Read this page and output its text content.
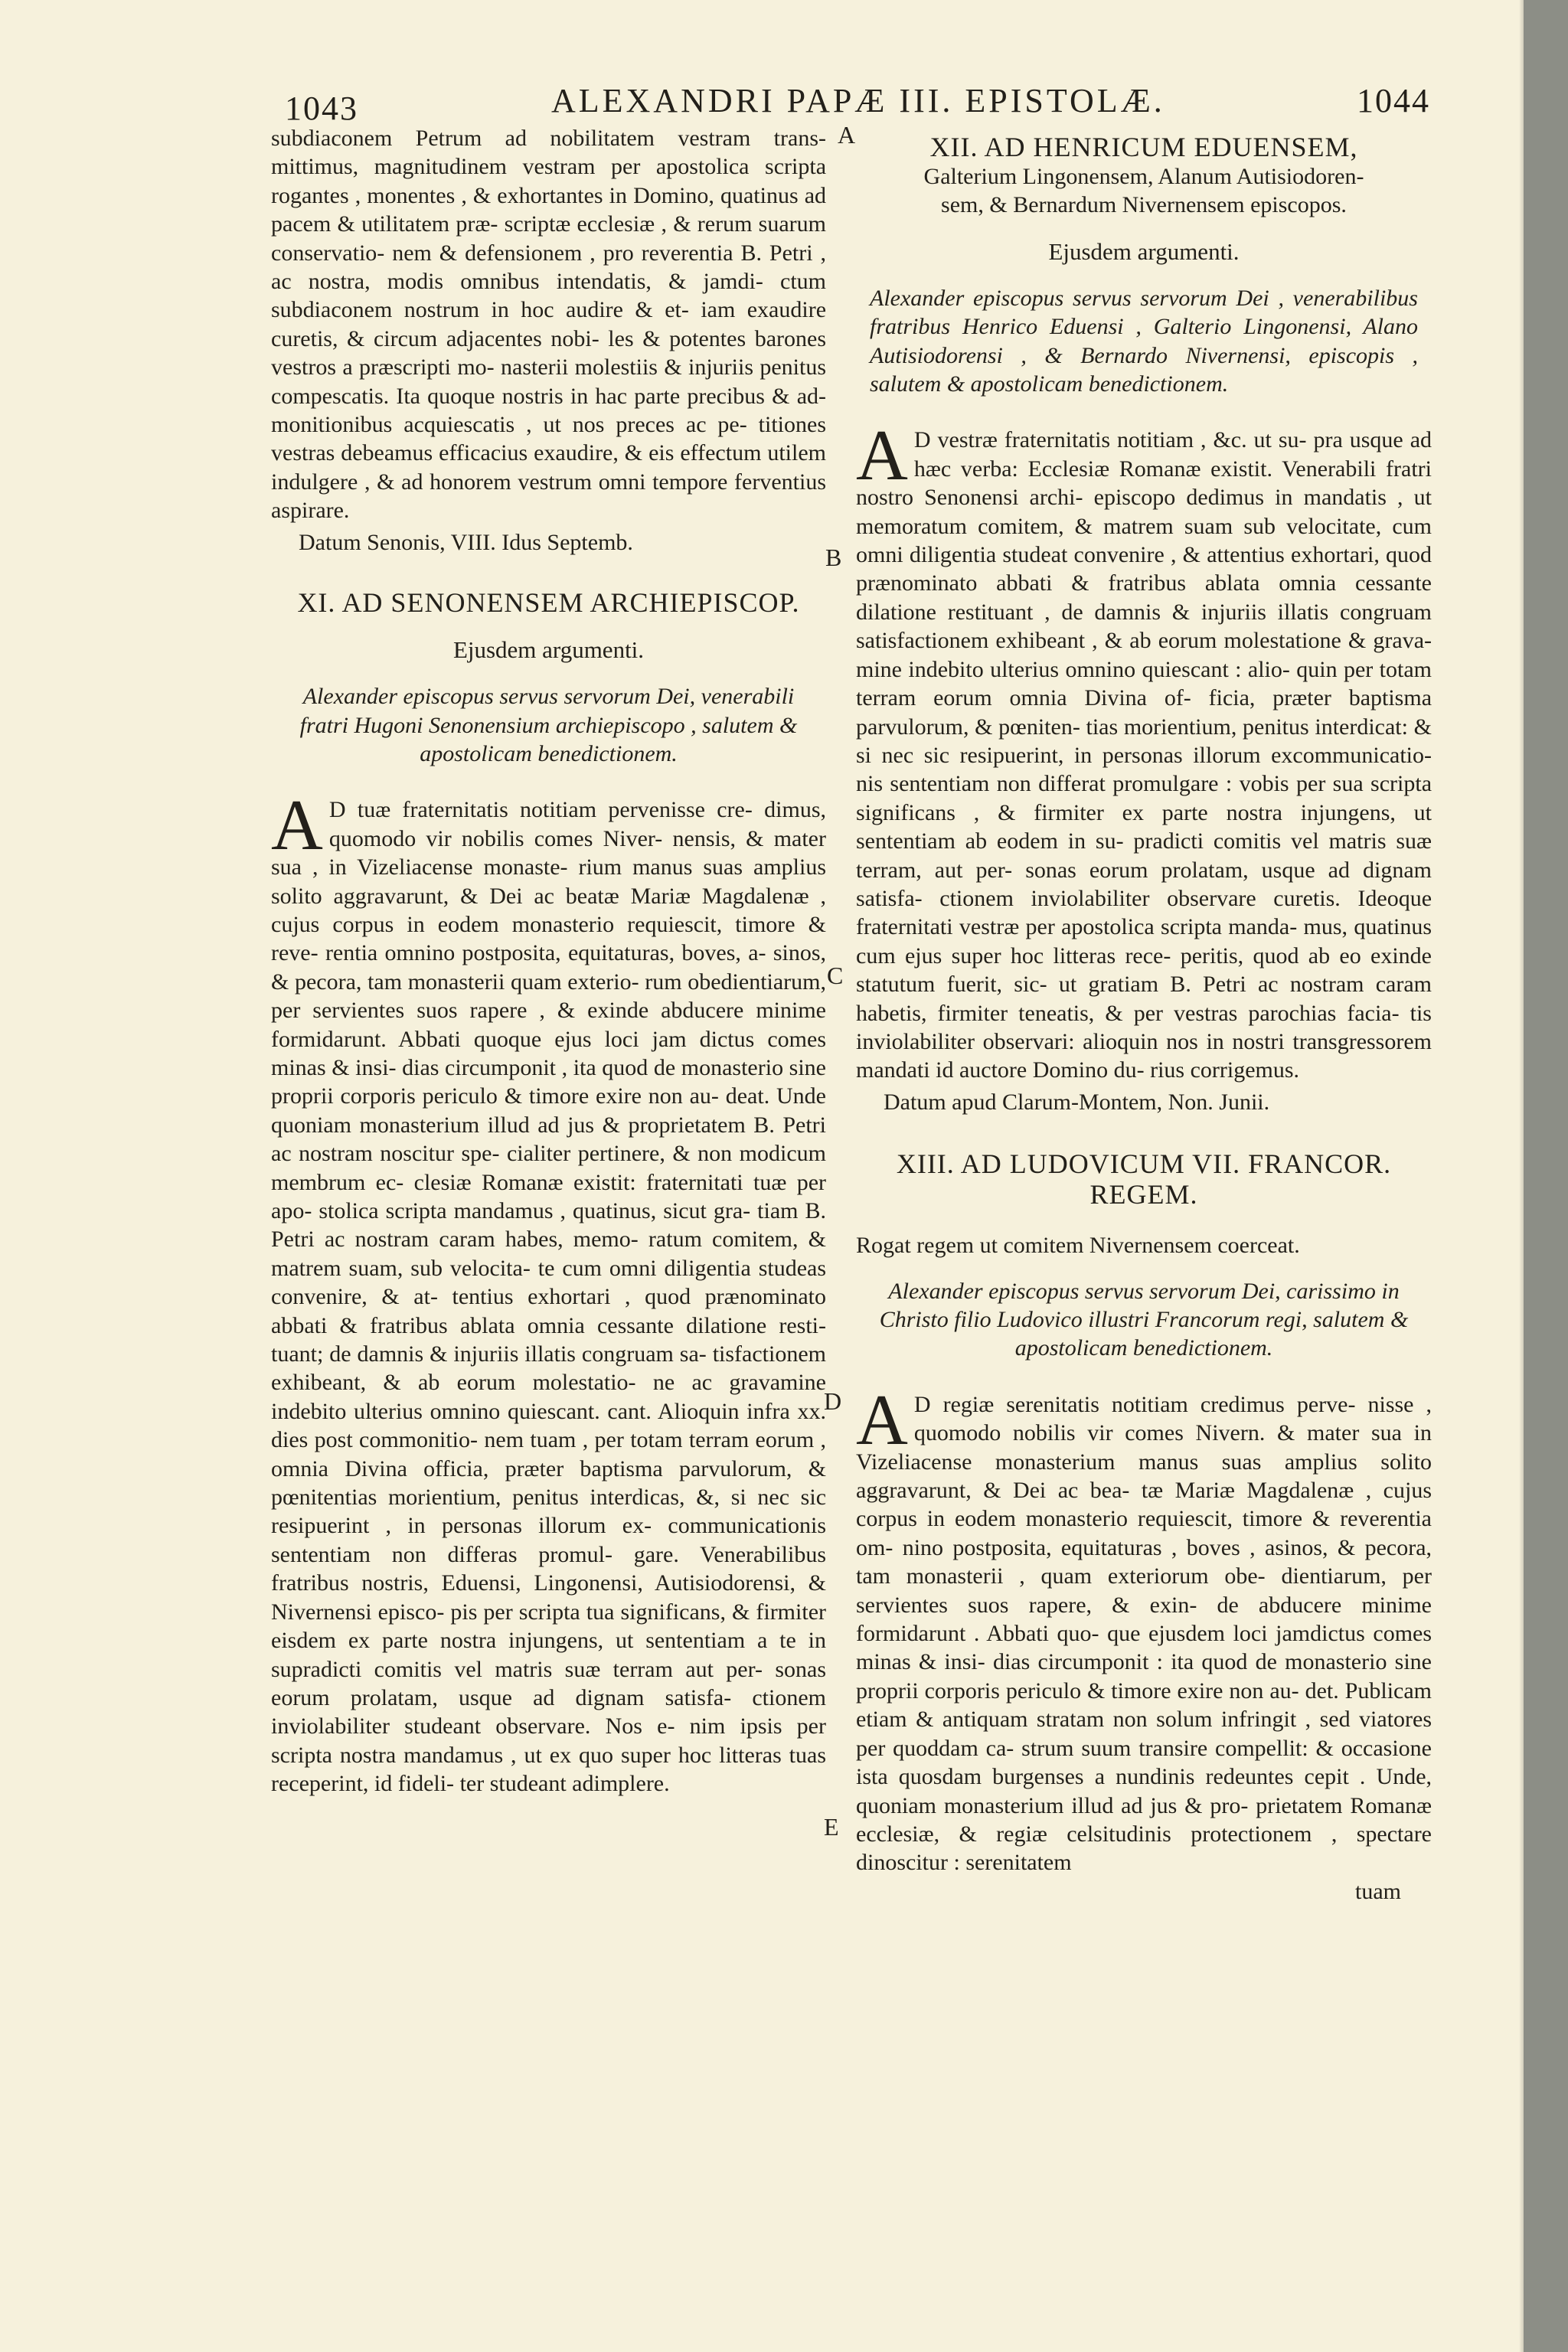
1043	ALEXANDRI PAPÆ III. EPISTOLÆ.	1044
A
B
C
D
E

subdiaconem Petrum ad nobilitatem vestram trans- mittimus, magnitudinem vestram per apostolica scripta rogantes , monentes , & exhortantes in Domino, quatinus ad pacem & utilitatem præ- scriptæ ecclesiæ , & rerum suarum conservatio- nem & defensionem , pro reverentia B. Petri , ac nostra, modis omnibus intendatis, & jamdi- ctum subdiaconem nostrum in hoc audire & et- iam exaudire curetis, & circum adjacentes nobi- les & potentes barones vestros a præscripti mo- nasterii molestiis & injuriis penitus compescatis. Ita quoque nostris in hac parte precibus & ad- monitionibus acquiescatis , ut nos preces ac pe- titiones vestras debeamus efficacius exaudire, & eis effectum utilem indulgere , & ad honorem vestrum omni tempore ferventius aspirare.

Datum Senonis, VIII. Idus Septemb.

XI. AD SENONENSEM ARCHIEPISCOP.
Ejusdem argumenti.

Alexander episcopus servus servorum Dei, venerabili fratri Hugoni Senonensium archiepiscopo , salutem & apostolicam benedictionem.

A D tuæ fraternitatis notitiam pervenisse cre- dimus, quomodo vir nobilis comes Niver- nensis, & mater sua , in Vizeliacense monaste- rium manus suas amplius solito aggravarunt, & Dei ac beatæ Mariæ Magdalenæ , cujus corpus in eodem monasterio requiescit, timore & reve- rentia omnino postposita, equitaturas, boves, a- sinos, & pecora, tam monasterii quam exterio- rum obedientiarum, per servientes suos rapere , & exinde abducere minime formidarunt. Abbati quoque ejus loci jam dictus comes minas & insi- dias circumponit , ita quod de monasterio sine proprii corporis periculo & timore exire non au- deat. Unde quoniam monasterium illud ad jus & proprietatem B. Petri ac nostram noscitur spe- cialiter pertinere, & non modicum membrum ec- clesiæ Romanæ existit: fraternitati tuæ per apo- stolica scripta mandamus , quatinus, sicut gra- tiam B. Petri ac nostram caram habes, memo- ratum comitem, & matrem suam, sub velocita- te cum omni diligentia studeas convenire, & at- tentius exhortari , quod prænominato abbati & fratribus ablata omnia cessante dilatione resti- tuant; de damnis & injuriis illatis congruam sa- tisfactionem exhibeant, & ab eorum molestatio- ne ac gravamine indebito ulterius omnino quiescant. cant. Alioquin infra xx. dies post commonitio- nem tuam , per totam terram eorum , omnia Divina officia, præter baptisma parvulorum, & pœnitentias morientium, penitus interdicas, &, si nec sic resipuerint , in personas illorum ex- communicationis sententiam non differas promul- gare. Venerabilibus fratribus nostris, Eduensi, Lingonensi, Autisiodorensi, & Nivernensi episco- pis per scripta tua significans, & firmiter eisdem ex parte nostra injungens, ut sententiam a te in supradicti comitis vel matris suæ terram aut per- sonas eorum prolatam, usque ad dignam satisfa- ctionem inviolabiliter studeant observare. Nos e- nim ipsis per scripta nostra mandamus , ut ex quo super hoc litteras tuas receperint, id fideli- ter studeant adimplere.

XII. AD HENRICUM EDUENSEM,
Galterium Lingonensem, Alanum Autisiodoren-
sem, & Bernardum Nivernensem episcopos.
Ejusdem argumenti.

Alexander episcopus servus servorum Dei , venerabilibus fratribus Henrico Eduensi , Galterio Lingonensi, Alano Autisiodorensi , & Bernardo Nivernensi, episcopis , salutem & apostolicam benedictionem.

A D vestræ fraternitatis notitiam , &c. ut su- pra usque ad hæc verba: Ecclesiæ Romanæ existit. Venerabili fratri nostro Senonensi archi- episcopo dedimus in mandatis , ut memoratum comitem, & matrem suam sub velocitate, cum omni diligentia studeat convenire , & attentius exhortari, quod prænominato abbati & fratribus ablata omnia cessante dilatione restituant , de damnis & injuriis illatis congruam satisfactionem exhibeant , & ab eorum molestatione & grava- mine indebito ulterius omnino quiescant : alio- quin per totam terram eorum omnia Divina of- ficia, præter baptisma parvulorum, & pœniten- tias morientium, penitus interdicat: & si nec sic resipuerint, in personas illorum excommunicatio- nis sententiam non differat promulgare : vobis per sua scripta significans , & firmiter ex parte nostra injungens, ut sententiam ab eodem in su- pradicti comitis vel matris suæ terram, aut per- sonas eorum prolatam, usque ad dignam satisfa- ctionem inviolabiliter observare curetis. Ideoque fraternitati vestræ per apostolica scripta manda- mus, quatinus cum ejus super hoc litteras rece- peritis, quod ab eo exinde statutum fuerit, sic- ut gratiam B. Petri ac nostram caram habetis, firmiter teneatis, & per vestras parochias facia- tis inviolabiliter observari: alioquin nos in nostri transgressorem mandati id auctore Domino du- rius corrigemus.

Datum apud Clarum-Montem, Non. Junii.

XIII. AD LUDOVICUM VII. FRANCOR.
REGEM.

Rogat regem ut comitem Nivernensem coerceat.

Alexander episcopus servus servorum Dei, carissimo in Christo filio Ludovico illustri Francorum regi, salutem & apostolicam benedictionem.

A D regiæ serenitatis notitiam credimus perve- nisse , quomodo nobilis vir comes Nivern. & mater sua in Vizeliacense monasterium manus suas amplius solito aggravarunt, & Dei ac bea- tæ Mariæ Magdalenæ , cujus corpus in eodem monasterio requiescit, timore & reverentia om- nino postposita, equitaturas , boves , asinos, & pecora, tam monasterii , quam exteriorum obe- dientiarum, per servientes suos rapere, & exin- de abducere minime formidarunt . Abbati quo- que ejusdem loci jamdictus comes minas & insi- dias circumponit : ita quod de monasterio sine proprii corporis periculo & timore exire non au- det. Publicam etiam & antiquam stratam non solum infringit , sed viatores per quoddam ca- strum suum transire compellit: & occasione ista quosdam burgenses a nundinis redeuntes cepit . Unde, quoniam monasterium illud ad jus & pro- prietatem Romanæ ecclesiæ, & regiæ celsitudinis protectionem , spectare dinoscitur : serenitatem

tuam
